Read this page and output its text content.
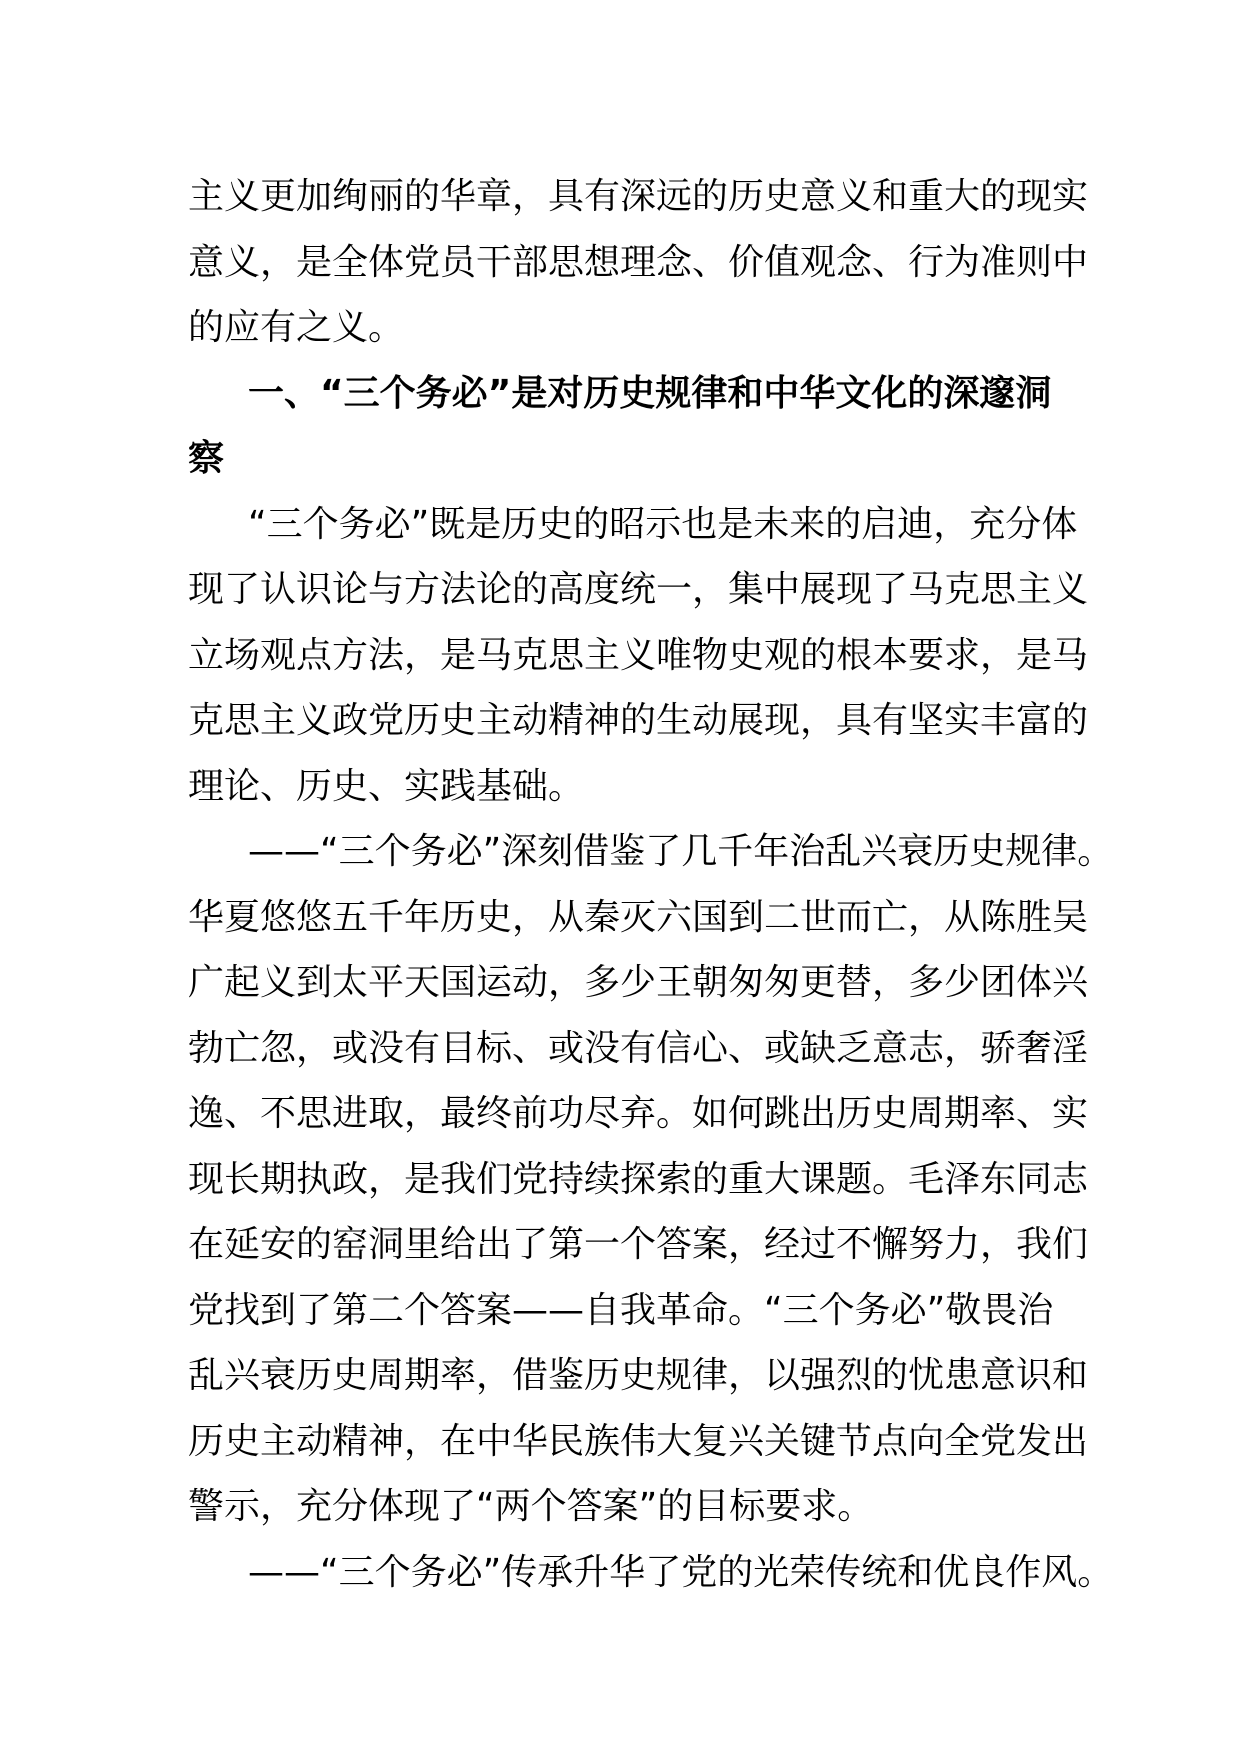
主义更加绚丽的华章，具有深远的历史意义和重大的现实
意义，是全体党员干部思想理念、价值观念、行为准则中
的应有之义。
一、“三个务必”是对历史规律和中华文化的深邃洞
察
“三个务必”既是历史的昭示也是未来的启迪，充分体
现了认识论与方法论的高度统一，集中展现了马克思主义
立场观点方法，是马克思主义唯物史观的根本要求，是马
克思主义政党历史主动精神的生动展现，具有坚实丰富的
理论、历史、实践基础。
——“三个务必”深刻借鉴了几千年治乱兴衰历史规律。
华夏悠悠五千年历史，从秦灭六国到二世而亡，从陈胜吴
广起义到太平天国运动，多少王朝匆匆更替，多少团体兴
勃亡忽，或没有目标、或没有信心、或缺乏意志，骄奢淫
逸、不思进取，最终前功尽弃。如何跳出历史周期率、实
现长期执政，是我们党持续探索的重大课题。毛泽东同志
在延安的窑洞里给出了第一个答案，经过不懈努力，我们
党找到了第二个答案——自我革命。“三个务必”敬畏治
乱兴衰历史周期率，借鉴历史规律，以强烈的忧患意识和
历史主动精神，在中华民族伟大复兴关键节点向全党发出
警示，充分体现了“两个答案”的目标要求。
——“三个务必”传承升华了党的光荣传统和优良作风。
